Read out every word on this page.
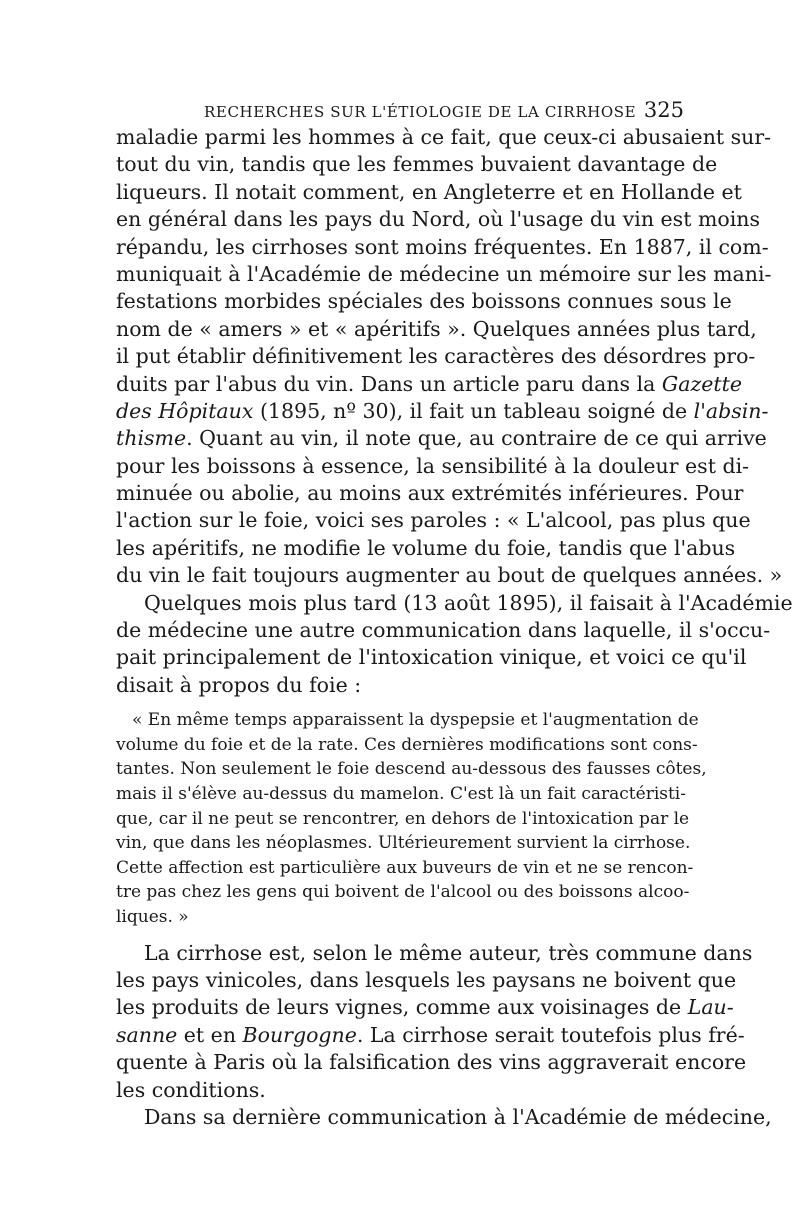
RECHERCHES SUR L'ÉTIOLOGIE DE LA CIRRHOSE 325
maladie parmi les hommes à ce fait, que ceux-ci abusaient sur-
tout du vin, tandis que les femmes buvaient davantage de
liqueurs. Il notait comment, en Angleterre et en Hollande et
en général dans les pays du Nord, où l'usage du vin est moins
répandu, les cirrhoses sont moins fréquentes. En 1887, il com-
muniquait à l'Académie de médecine un mémoire sur les mani-
festations morbides spéciales des boissons connues sous le
nom de « amers » et « apéritifs ». Quelques années plus tard,
il put établir définitivement les caractères des désordres pro-
duits par l'abus du vin. Dans un article paru dans la Gazette
des Hôpitaux (1895, nº 30), il fait un tableau soigné de l'absin-
thisme. Quant au vin, il note que, au contraire de ce qui arrive
pour les boissons à essence, la sensibilité à la douleur est di-
minuée ou abolie, au moins aux extrémités inférieures. Pour
l'action sur le foie, voici ses paroles : « L'alcool, pas plus que
les apéritifs, ne modifie le volume du foie, tandis que l'abus
du vin le fait toujours augmenter au bout de quelques années. »
Quelques mois plus tard (13 août 1895), il faisait à l'Académie
de médecine une autre communication dans laquelle, il s'occu-
pait principalement de l'intoxication vinique, et voici ce qu'il
disait à propos du foie :
« En même temps apparaissent la dyspepsie et l'augmentation de
volume du foie et de la rate. Ces dernières modifications sont cons-
tantes. Non seulement le foie descend au-dessous des fausses côtes,
mais il s'élève au-dessus du mamelon. C'est là un fait caractéristi-
que, car il ne peut se rencontrer, en dehors de l'intoxication par le
vin, que dans les néoplasmes. Ultérieurement survient la cirrhose.
Cette affection est particulière aux buveurs de vin et ne se rencon-
tre pas chez les gens qui boivent de l'alcool ou des boissons alcoo-
liques. »
La cirrhose est, selon le même auteur, très commune dans
les pays vinicoles, dans lesquels les paysans ne boivent que
les produits de leurs vignes, comme aux voisinages de Lau-
sanne et en Bourgogne. La cirrhose serait toutefois plus fré-
quente à Paris où la falsification des vins aggraverait encore
les conditions.
Dans sa dernière communication à l'Académie de médecine,
